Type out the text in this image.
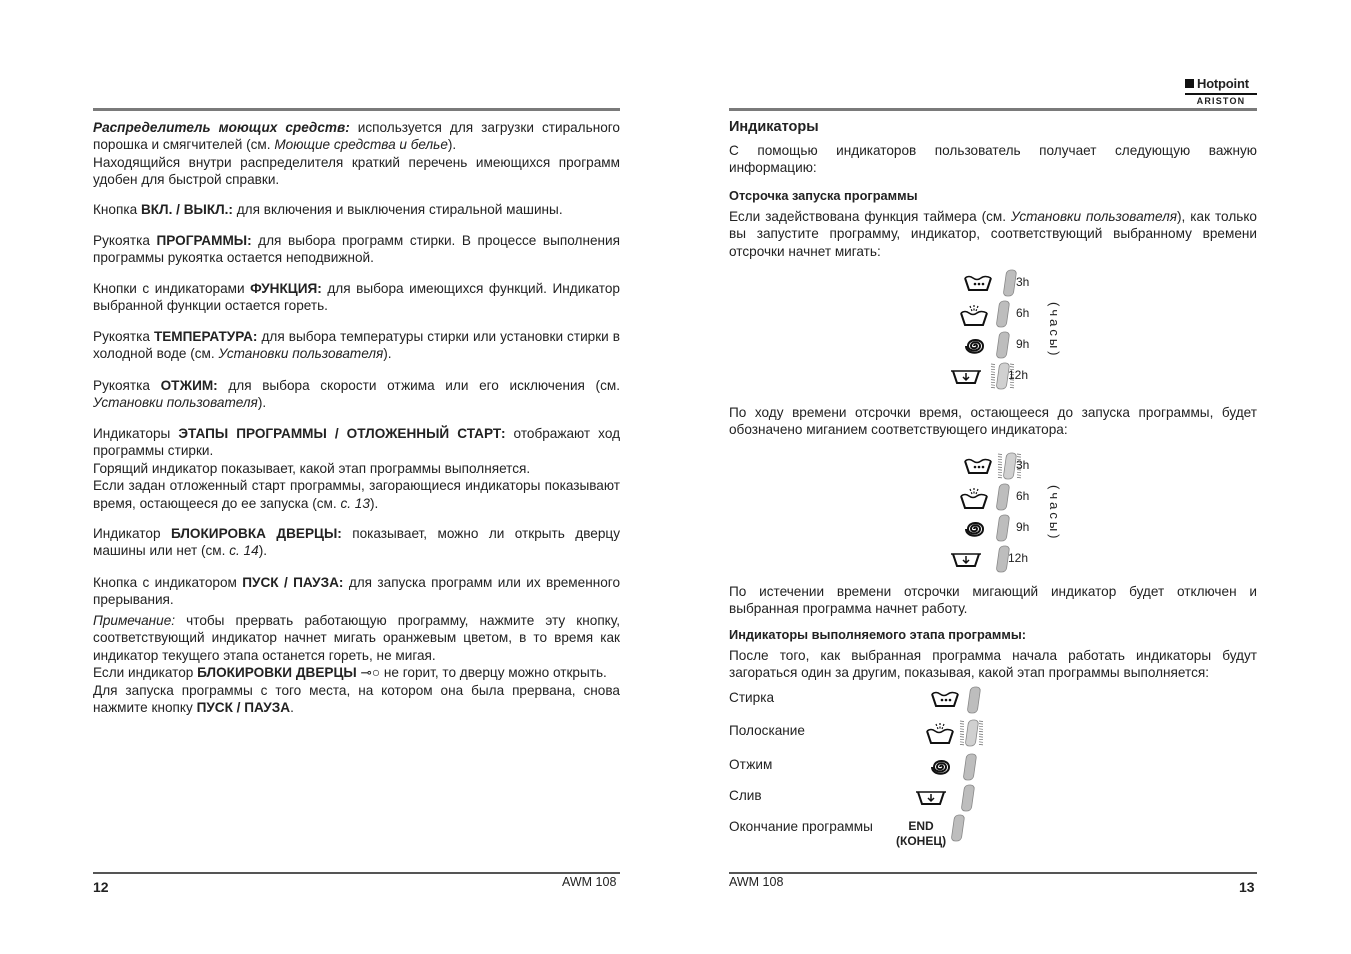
Распределитель моющих средств: используется для загрузки стирального порошка и смягчителей (см. Моющие средства и белье).
Находящийся внутри распределителя краткий перечень имеющихся программ удобен для быстрой справки.
Кнопка ВКЛ. / ВЫКЛ.: для включения и выключения стиральной машины.
Рукоятка ПРОГРАММЫ: для выбора программ стирки. В процессе выполнения программы рукоятка остается неподвижной.
Кнопки с индикаторами ФУНКЦИЯ: для выбора имеющихся функций. Индикатор выбранной функции остается гореть.
Рукоятка ТЕМПЕРАТУРА: для выбора температуры стирки или установки стирки в холодной воде (см. Установки пользователя).
Рукоятка ОТЖИМ: для выбора скорости отжима или его исключения (см. Установки пользователя).
Индикаторы ЭТАПЫ ПРОГРАММЫ / ОТЛОЖЕННЫЙ СТАРТ: отображают ход программы стирки.
Горящий индикатор показывает, какой этап программы выполняется.
Если задан отложенный старт программы, загорающиеся индикаторы показывают время, остающееся до ее запуска (см. с. 13).
Индикатор БЛОКИРОВКА ДВЕРЦЫ: показывает, можно ли открыть дверцу машины или нет (см. с. 14).
Кнопка с индикатором ПУСК / ПАУЗА: для запуска программ или их временного прерывания.
Примечание: чтобы прервать работающую программу, нажмите эту кнопку, соответствующий индикатор начнет мигать оранжевым цветом, в то время как индикатор текущего этапа останется гореть, не мигая.
Если индикатор БЛОКИРОВКИ ДВЕРЦЫ ⊸○ не горит, то дверцу можно открыть.
Для запуска программы с того места, на котором она была прервана, снова нажмите кнопку ПУСК / ПАУЗА.
12	AWM 108
Hotpoint
ARISTON
Индикаторы
С помощью индикаторов пользователь получает следующую важную информацию:
Отсрочка запуска программы
Если задействована функция таймера (см. Установки пользователя), как только вы запустите программу, индикатор, соответствующий выбранному времени отсрочки начнет мигать:
3h
6h
9h
12h
(часы)
По ходу времени отсрочки время, остающееся до запуска программы, будет обозначено миганием соответствующего индикатора:
3h
6h
9h
12h
(часы)
По истечении времени отсрочки мигающий индикатор будет отключен и выбранная программа начнет работу.
Индикаторы выполняемого этапа программы:
После того, как выбранная программа начала работать индикаторы будут загораться один за другим, показывая, какой этап программы выполняется:
Стирка
Полоскание
Отжим
Слив
Окончание программы	END
(КОНЕЦ)
AWM 108	13
